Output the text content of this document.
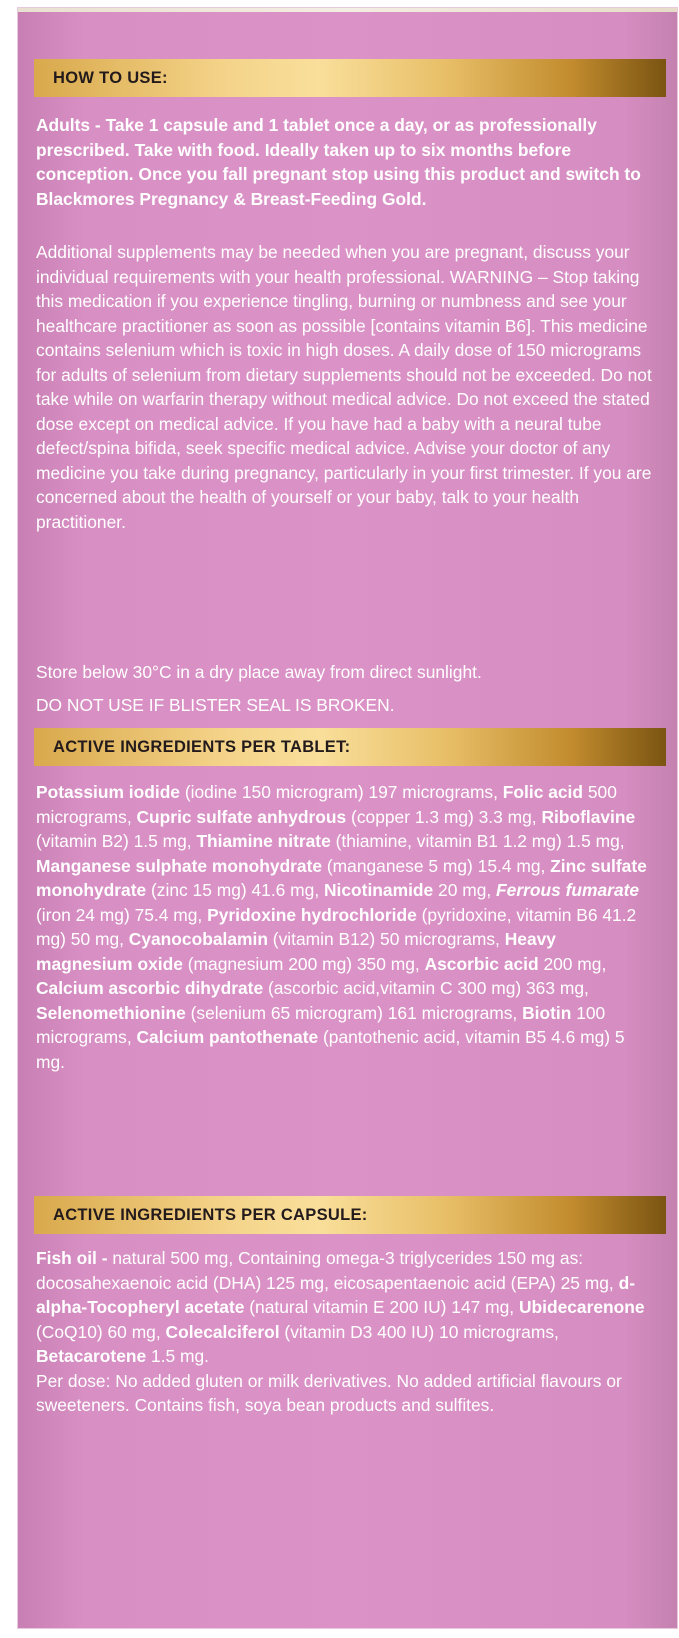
HOW TO USE:

Adults - Take 1 capsule and 1 tablet once a day, or as professionally prescribed. Take with food. Ideally taken up to six months before conception. Once you fall pregnant stop using this product and switch to Blackmores Pregnancy & Breast-Feeding Gold.

Additional supplements may be needed when you are pregnant, discuss your individual requirements with your health professional. WARNING – Stop taking this medication if you experience tingling, burning or numbness and see your healthcare practitioner as soon as possible [contains vitamin B6]. This medicine contains selenium which is toxic in high doses. A daily dose of 150 micrograms for adults of selenium from dietary supplements should not be exceeded. Do not take while on warfarin therapy without medical advice. Do not exceed the stated dose except on medical advice. If you have had a baby with a neural tube defect/spina bifida, seek specific medical advice. Advise your doctor of any medicine you take during pregnancy, particularly in your first trimester. If you are concerned about the health of yourself or your baby, talk to your health practitioner.

Store below 30°C in a dry place away from direct sunlight.

DO NOT USE IF BLISTER SEAL IS BROKEN.

ACTIVE INGREDIENTS PER TABLET:

Potassium iodide (iodine 150 microgram) 197 micrograms, Folic acid 500 micrograms, Cupric sulfate anhydrous (copper 1.3 mg) 3.3 mg, Riboflavine (vitamin B2) 1.5 mg, Thiamine nitrate (thiamine, vitamin B1 1.2 mg) 1.5 mg, Manganese sulphate monohydrate (manganese 5 mg) 15.4 mg, Zinc sulfate monohydrate (zinc 15 mg) 41.6 mg, Nicotinamide 20 mg, Ferrous fumarate (iron 24 mg) 75.4 mg, Pyridoxine hydrochloride (pyridoxine, vitamin B6 41.2 mg) 50 mg, Cyanocobalamin (vitamin B12) 50 micrograms, Heavy magnesium oxide (magnesium 200 mg) 350 mg, Ascorbic acid 200 mg, Calcium ascorbic dihydrate (ascorbic acid,vitamin C 300 mg) 363 mg, Selenomethionine (selenium 65 microgram) 161 micrograms, Biotin 100 micrograms, Calcium pantothenate (pantothenic acid, vitamin B5 4.6 mg) 5 mg.

ACTIVE INGREDIENTS PER CAPSULE:

Fish oil - natural 500 mg, Containing omega-3 triglycerides 150 mg as: docosahexaenoic acid (DHA) 125 mg, eicosapentaenoic acid (EPA) 25 mg, d-alpha-Tocopheryl acetate (natural vitamin E 200 IU) 147 mg, Ubidecarenone (CoQ10) 60 mg, Colecalciferol (vitamin D3 400 IU) 10 micrograms, Betacarotene 1.5 mg.
Per dose: No added gluten or milk derivatives. No added artificial flavours or sweeteners. Contains fish, soya bean products and sulfites.
